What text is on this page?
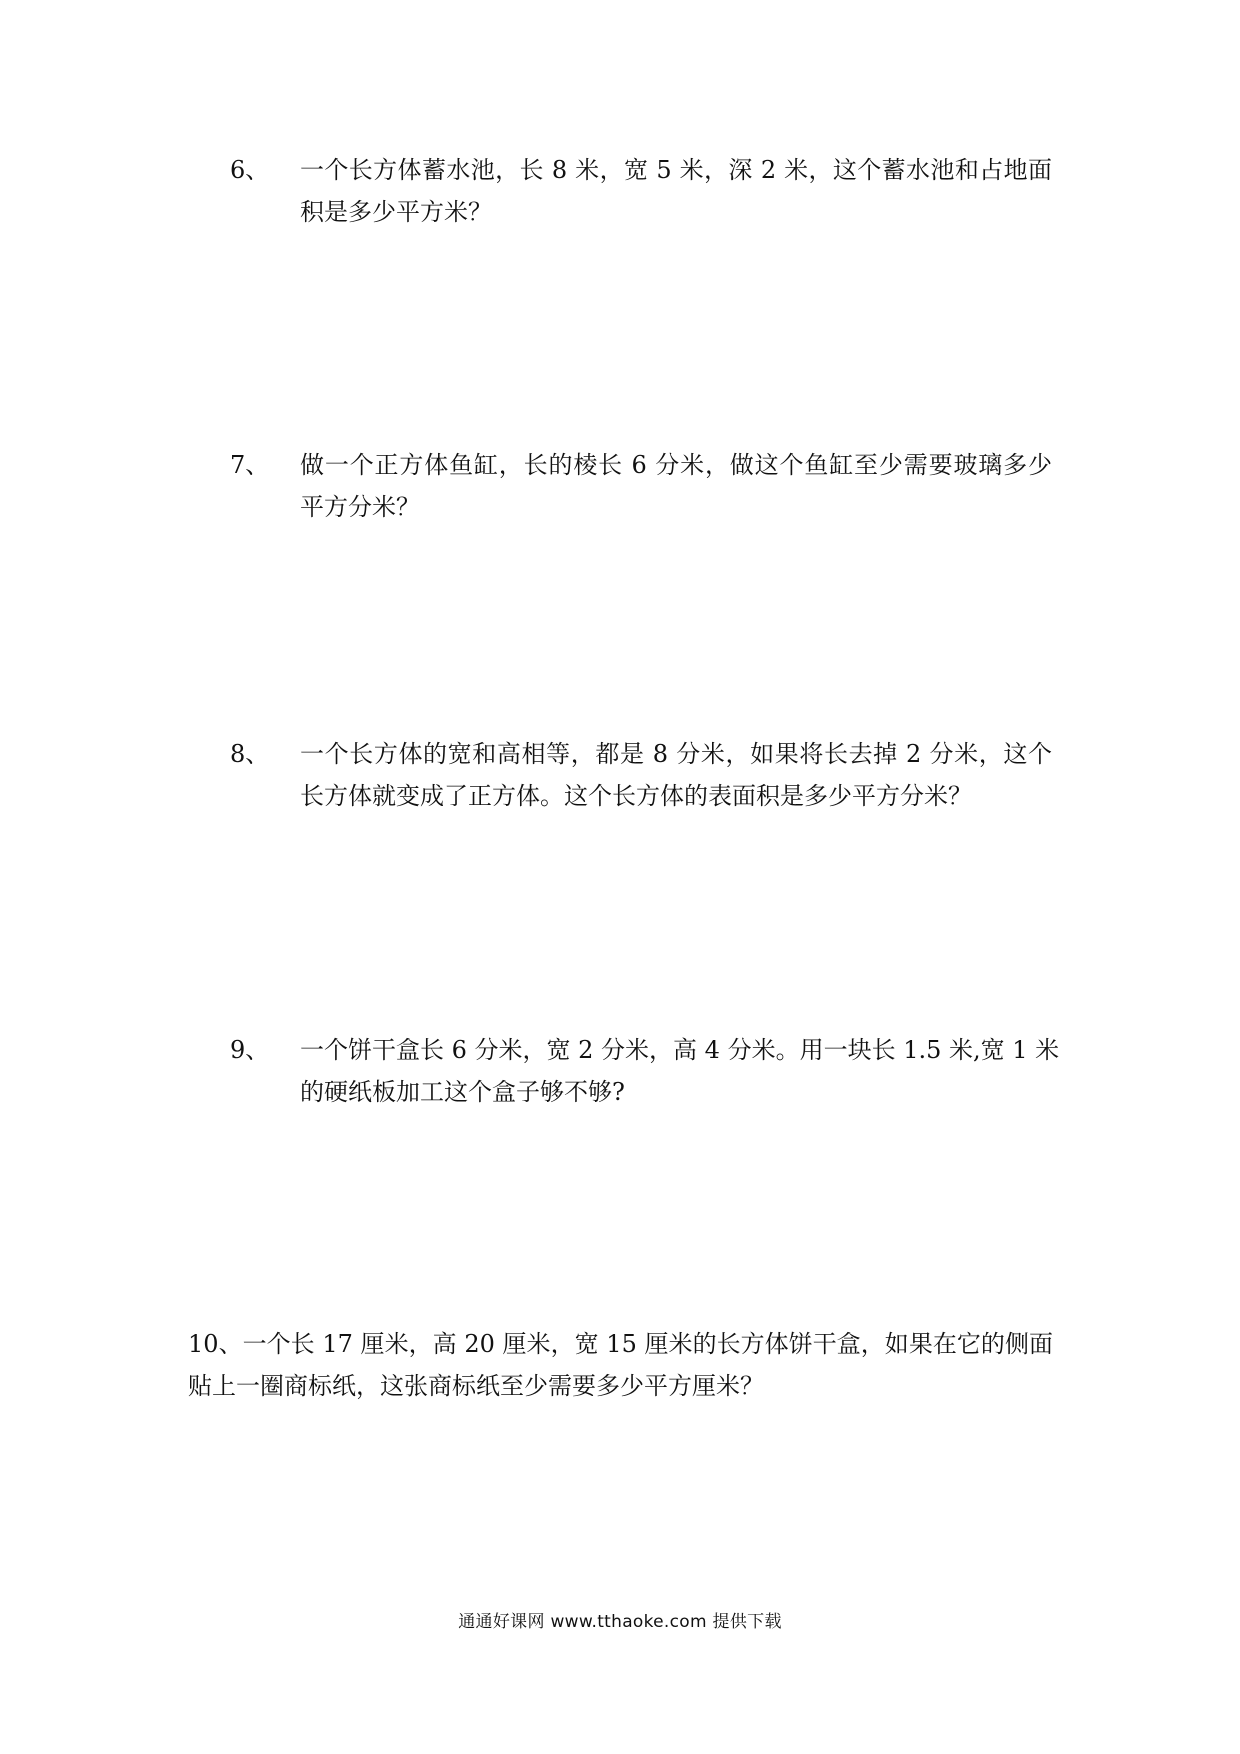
6、 一个长方体蓄水池，长 8 米，宽 5 米，深 2 米，这个蓄水池和占地面
积是多少平方米？
7、 做一个正方体鱼缸，长的棱长 6 分米，做这个鱼缸至少需要玻璃多少
平方分米？
8、 一个长方体的宽和高相等，都是 8 分米，如果将长去掉 2 分米，这个
长方体就变成了正方体。这个长方体的表面积是多少平方分米？
9、 一个饼干盒长 6 分米，宽 2 分米，高 4 分米。用一块长 1.5 米,宽 1 米
的硬纸板加工这个盒子够不够?
10、一个长 17 厘米，高 20 厘米，宽 15 厘米的长方体饼干盒，如果在它的侧面
贴上一圈商标纸，这张商标纸至少需要多少平方厘米？
通通好课网 www.tthaoke.com 提供下载
